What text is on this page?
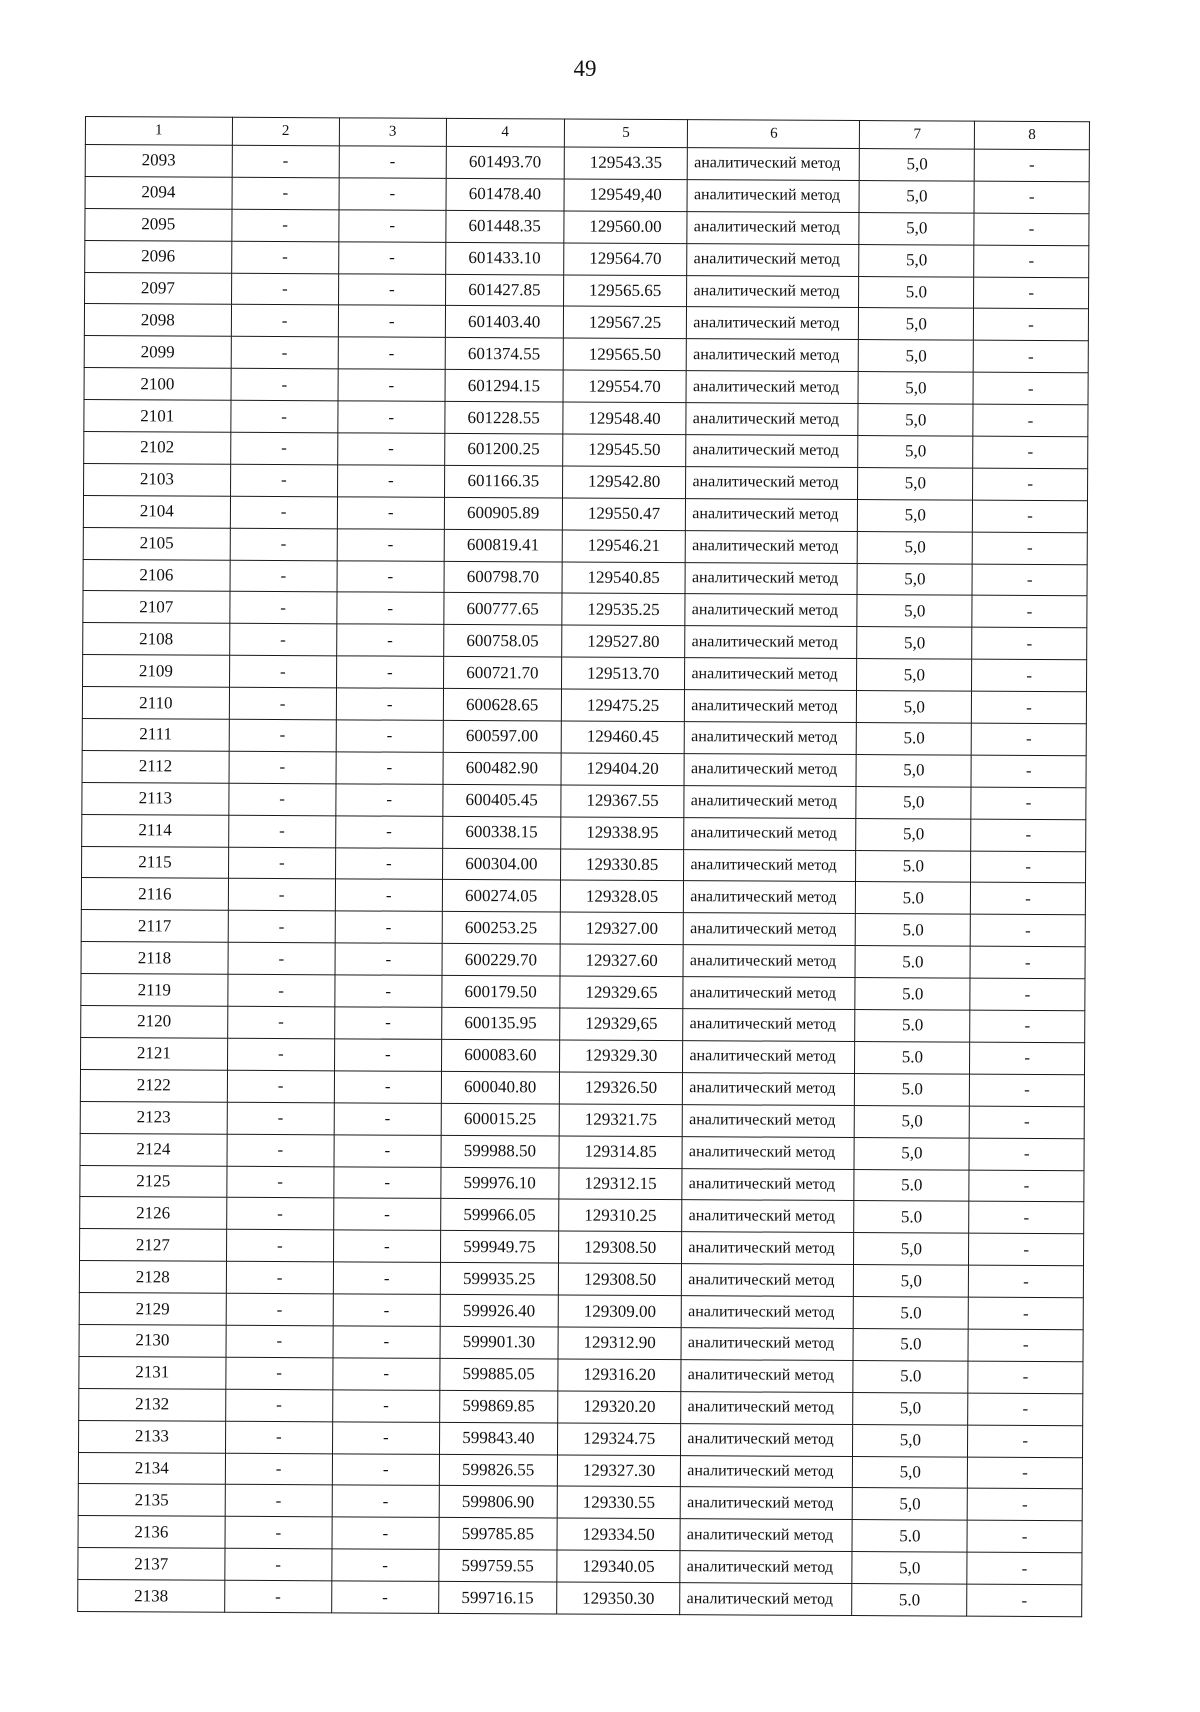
49
1	2	3	4	5	6	7	8
2093	-	-	601493.70	129543.35	аналитический метод	5,0	-
2094	-	-	601478.40	129549,40	аналитический метод	5,0	-
2095	-	-	601448.35	129560.00	аналитический метод	5,0	-
2096	-	-	601433.10	129564.70	аналитический метод	5,0	-
2097	-	-	601427.85	129565.65	аналитический метод	5.0	-
2098	-	-	601403.40	129567.25	аналитический метод	5,0	-
2099	-	-	601374.55	129565.50	аналитический метод	5,0	-
2100	-	-	601294.15	129554.70	аналитический метод	5,0	-
2101	-	-	601228.55	129548.40	аналитический метод	5,0	-
2102	-	-	601200.25	129545.50	аналитический метод	5,0	-
2103	-	-	601166.35	129542.80	аналитический метод	5,0	-
2104	-	-	600905.89	129550.47	аналитический метод	5,0	-
2105	-	-	600819.41	129546.21	аналитический метод	5,0	-
2106	-	-	600798.70	129540.85	аналитический метод	5,0	-
2107	-	-	600777.65	129535.25	аналитический метод	5,0	-
2108	-	-	600758.05	129527.80	аналитический метод	5,0	-
2109	-	-	600721.70	129513.70	аналитический метод	5,0	-
2110	-	-	600628.65	129475.25	аналитический метод	5,0	-
2111	-	-	600597.00	129460.45	аналитический метод	5.0	-
2112	-	-	600482.90	129404.20	аналитический метод	5,0	-
2113	-	-	600405.45	129367.55	аналитический метод	5,0	-
2114	-	-	600338.15	129338.95	аналитический метод	5,0	-
2115	-	-	600304.00	129330.85	аналитический метод	5.0	-
2116	-	-	600274.05	129328.05	аналитический метод	5.0	-
2117	-	-	600253.25	129327.00	аналитический метод	5.0	-
2118	-	-	600229.70	129327.60	аналитический метод	5.0	-
2119	-	-	600179.50	129329.65	аналитический метод	5.0	-
2120	-	-	600135.95	129329,65	аналитический метод	5.0	-
2121	-	-	600083.60	129329.30	аналитический метод	5.0	-
2122	-	-	600040.80	129326.50	аналитический метод	5.0	-
2123	-	-	600015.25	129321.75	аналитический метод	5,0	-
2124	-	-	599988.50	129314.85	аналитический метод	5,0	-
2125	-	-	599976.10	129312.15	аналитический метод	5.0	-
2126	-	-	599966.05	129310.25	аналитический метод	5.0	-
2127	-	-	599949.75	129308.50	аналитический метод	5,0	-
2128	-	-	599935.25	129308.50	аналитический метод	5,0	-
2129	-	-	599926.40	129309.00	аналитический метод	5.0	-
2130	-	-	599901.30	129312.90	аналитический метод	5.0	-
2131	-	-	599885.05	129316.20	аналитический метод	5.0	-
2132	-	-	599869.85	129320.20	аналитический метод	5,0	-
2133	-	-	599843.40	129324.75	аналитический метод	5,0	-
2134	-	-	599826.55	129327.30	аналитический метод	5,0	-
2135	-	-	599806.90	129330.55	аналитический метод	5,0	-
2136	-	-	599785.85	129334.50	аналитический метод	5.0	-
2137	-	-	599759.55	129340.05	аналитический метод	5,0	-
2138	-	-	599716.15	129350.30	аналитический метод	5.0	-
